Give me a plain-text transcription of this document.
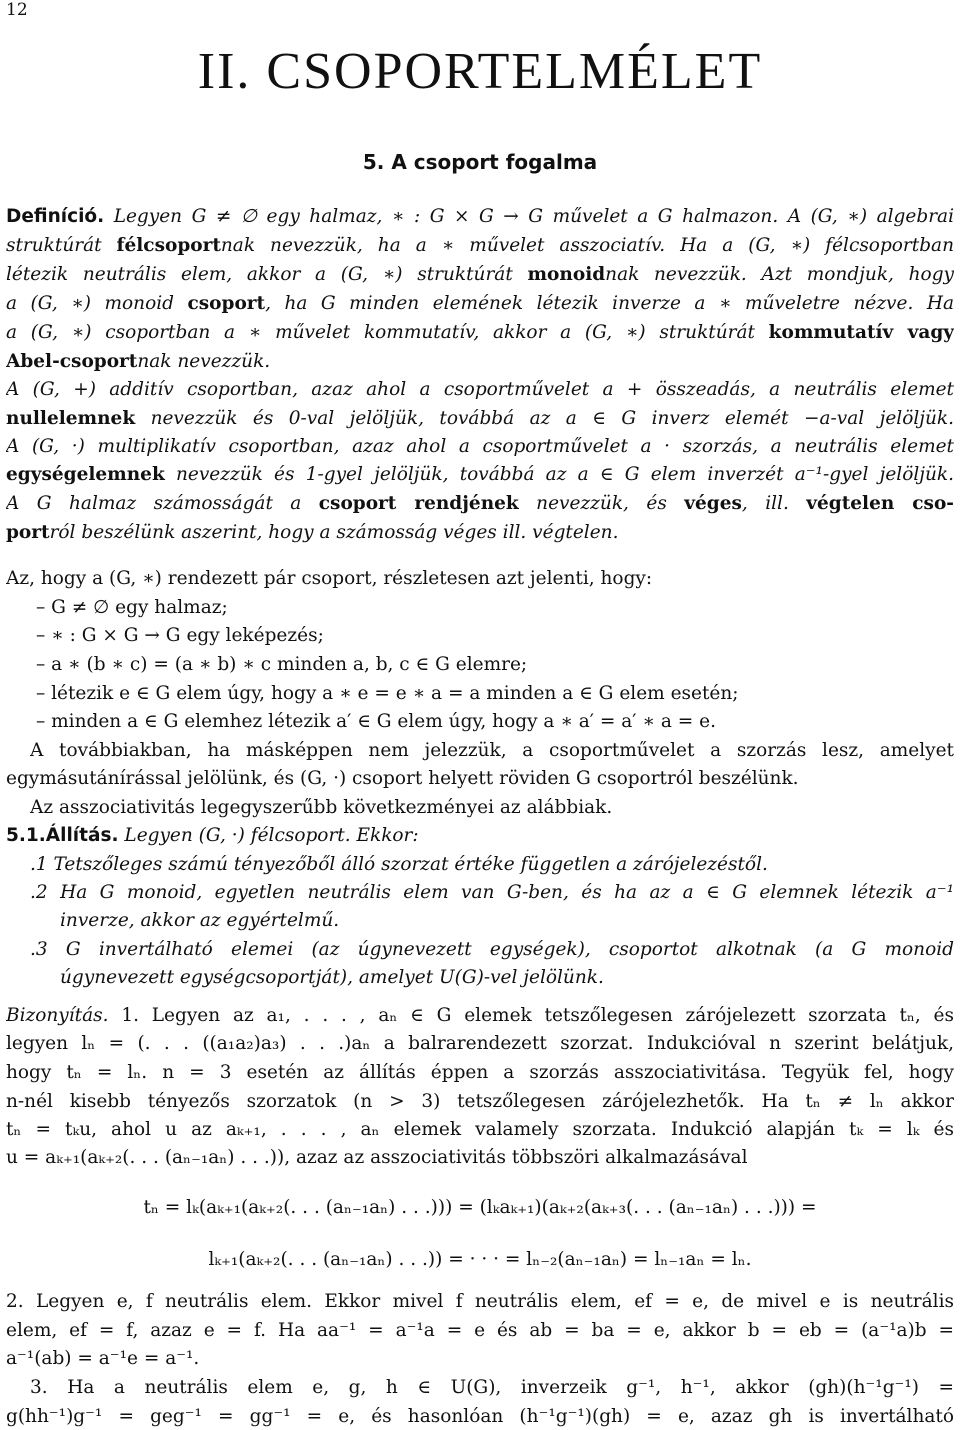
12
II. CSOPORTELMÉLET
5. A csoport fogalma
Definíció. Legyen G ≠ ∅ egy halmaz, ∗ : G × G → G művelet a G halmazon. A (G, ∗) algebrai
struktúrát félcsoportnak nevezzük, ha a ∗ művelet asszociatív. Ha a (G, ∗) félcsoportban
létezik neutrális elem, akkor a (G, ∗) struktúrát monoidnak nevezzük. Azt mondjuk, hogy
a (G, ∗) monoid csoport, ha G minden elemének létezik inverze a ∗ műveletre nézve. Ha
a (G, ∗) csoportban a ∗ művelet kommutatív, akkor a (G, ∗) struktúrát kommutatív vagy
Abel-csoportnak nevezzük.
A (G, +) additív csoportban, azaz ahol a csoportművelet a + összeadás, a neutrális elemet
nullelemnek nevezzük és 0-val jelöljük, továbbá az a ∈ G inverz elemét −a-val jelöljük.
A (G, ·) multiplikatív csoportban, azaz ahol a csoportművelet a · szorzás, a neutrális elemet
egységelemnek nevezzük és 1-gyel jelöljük, továbbá az a ∈ G elem inverzét a⁻¹-gyel jelöljük.
A G halmaz számosságát a csoport rendjének nevezzük, és véges, ill. végtelen cso-
portról beszélünk aszerint, hogy a számosság véges ill. végtelen.
Az, hogy a (G, ∗) rendezett pár csoport, részletesen azt jelenti, hogy:
– G ≠ ∅ egy halmaz;
– ∗ : G × G → G egy leképezés;
– a ∗ (b ∗ c) = (a ∗ b) ∗ c minden a, b, c ∈ G elemre;
– létezik e ∈ G elem úgy, hogy a ∗ e = e ∗ a = a minden a ∈ G elem esetén;
– minden a ∈ G elemhez létezik a′ ∈ G elem úgy, hogy a ∗ a′ = a′ ∗ a = e.
A továbbiakban, ha másképpen nem jelezzük, a csoportművelet a szorzás lesz, amelyet
egymásutánírással jelölünk, és (G, ·) csoport helyett röviden G csoportról beszélünk.
Az asszociativitás legegyszerűbb következményei az alábbiak.
5.1.Állítás. Legyen (G, ·) félcsoport. Ekkor:
.1 Tetszőleges számú tényezőből álló szorzat értéke független a zárójelezéstől.
.2 Ha G monoid, egyetlen neutrális elem van G-ben, és ha az a ∈ G elemnek létezik a⁻¹
inverze, akkor az egyértelmű.
.3 G invertálható elemei (az úgynevezett egységek), csoportot alkotnak (a G monoid
úgynevezett egységcsoportját), amelyet U(G)-vel jelölünk.
Bizonyítás. 1. Legyen az a₁, . . . , aₙ ∈ G elemek tetszőlegesen zárójelezett szorzata tₙ, és
legyen lₙ = (. . . ((a₁a₂)a₃) . . .)aₙ a balrarendezett szorzat. Indukcióval n szerint belátjuk,
hogy tₙ = lₙ. n = 3 esetén az állítás éppen a szorzás asszociativitása. Tegyük fel, hogy
n-nél kisebb tényezős szorzatok (n > 3) tetszőlegesen zárójelezhetők. Ha tₙ ≠ lₙ akkor
tₙ = tₖu, ahol u az aₖ₊₁, . . . , aₙ elemek valamely szorzata. Indukció alapján tₖ = lₖ és
u = aₖ₊₁(aₖ₊₂(. . . (aₙ₋₁aₙ) . . .)), azaz az asszociativitás többszöri alkalmazásával
tₙ = lₖ(aₖ₊₁(aₖ₊₂(. . . (aₙ₋₁aₙ) . . .))) = (lₖaₖ₊₁)(aₖ₊₂(aₖ₊₃(. . . (aₙ₋₁aₙ) . . .))) =
lₖ₊₁(aₖ₊₂(. . . (aₙ₋₁aₙ) . . .)) = · · · = lₙ₋₂(aₙ₋₁aₙ) = lₙ₋₁aₙ = lₙ.
2. Legyen e, f neutrális elem. Ekkor mivel f neutrális elem, ef = e, de mivel e is neutrális
elem, ef = f, azaz e = f. Ha aa⁻¹ = a⁻¹a = e és ab = ba = e, akkor b = eb = (a⁻¹a)b =
a⁻¹(ab) = a⁻¹e = a⁻¹.
3. Ha a neutrális elem e, g, h ∈ U(G), inverzeik g⁻¹, h⁻¹, akkor (gh)(h⁻¹g⁻¹) =
g(hh⁻¹)g⁻¹ = geg⁻¹ = gg⁻¹ = e, és hasonlóan (h⁻¹g⁻¹)(gh) = e, azaz gh is invertálható
